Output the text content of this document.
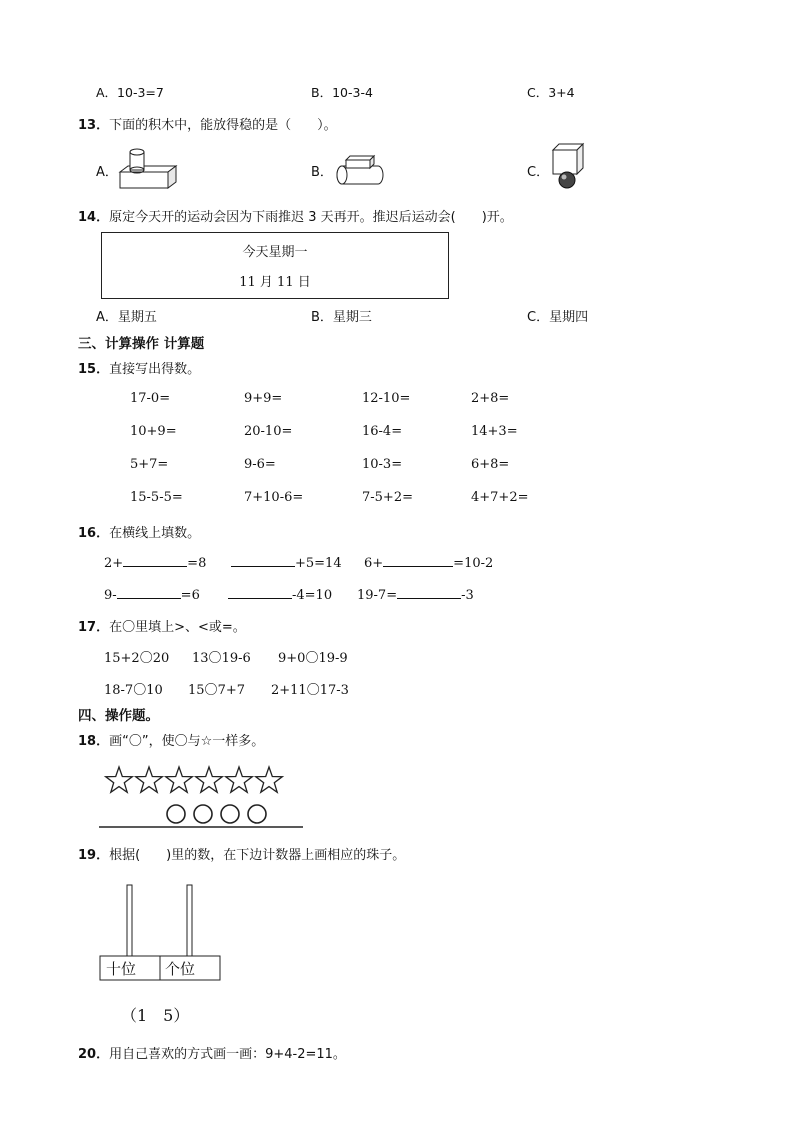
A．10-3=7	B．10-3-4	C．3+4
13．下面的积木中，能放得稳的是（　　）。
A．	B．	C．
14．原定今天开的运动会因为下雨推迟 3 天再开。推迟后运动会(　　)开。
今天星期一
11 月 11 日
A．星期五	B．星期三	C．星期四
三、计算操作 计算题
15．直接写出得数。
17-0=	9+9=	12-10=	2+8=
10+9=	20-10=	16-4=	14+3=
5+7=	9-6=	10-3=	6+8=
15-5-5=	7+10-6=	7-5+2=	4+7+2=
16．在横线上填数。
2+	=8	+5=14 6+	=10-2
9-	=6	-4=10 19-7=	-3
17．在〇里填上>、<或=。
15+2〇20 13〇19-6 9+0〇19-9
18-7〇10 15〇7+7 2+11〇17-3
四、操作题。
18．画“〇”，使〇与☆一样多。
19．根据(　　)里的数，在下边计数器上画相应的珠子。
十位 个位
（1　5）
20．用自己喜欢的方式画一画：9+4-2=11。
